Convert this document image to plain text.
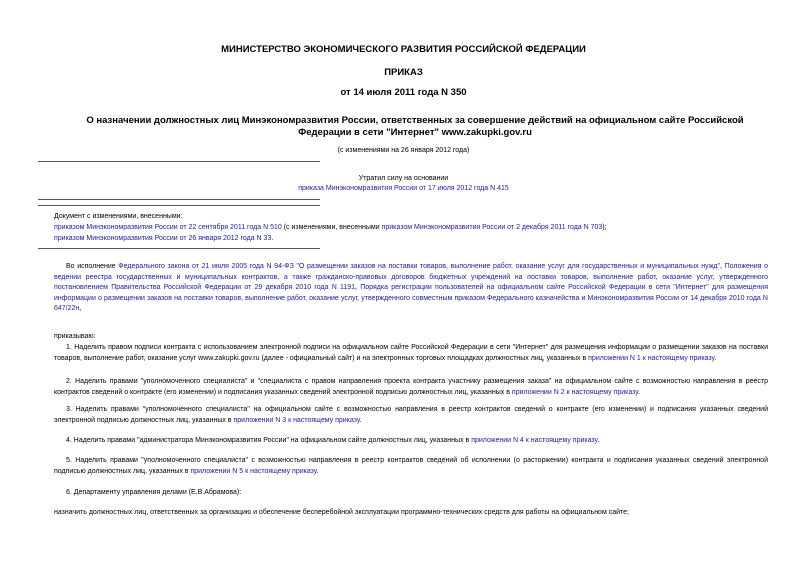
МИНИСТЕРСТВО ЭКОНОМИЧЕСКОГО РАЗВИТИЯ РОССИЙСКОЙ ФЕДЕРАЦИИ
ПРИКАЗ
от 14 июля 2011 года N 350
О назначении должностных лиц Минэкономразвития России, ответственных за совершение действий на официальном сайте Российской Федерации в сети "Интернет" www.zakupki.gov.ru
(с изменениями на 26 января 2012 года)
Утратил силу на основании
приказа Минэкономразвития России от 17 июля 2012 года N 415
Документ с изменениями, внесенными:
приказом Минэкономразвития России от 22 сентября 2011 года N 510 (с изменениями, внесенными приказом Минэкономразвития России от 2 декабря 2011 года N 703);
приказом Минэкономразвития России от 26 января 2012 года N 33.
Во исполнение Федерального закона от 21 июля 2005 года N 94-ФЗ "О размещении заказов на поставки товаров, выполнение работ, оказание услуг для государственных и муниципальных нужд", Положения о ведении реестра государственных и муниципальных контрактов, а также гражданско-правовых договоров бюджетных учреждений на поставки товаров, выполнение работ, оказание услуг, утвержденного постановлением Правительства Российской Федерации от 29 декабря 2010 года N 1191, Порядка регистрации пользователей на официальном сайте Российской Федерации в сети "Интернет" для размещения информации о размещении заказов на поставки товаров, выполнение работ, оказание услуг, утвержденного совместным приказом Федерального казначейства и Минэкономразвития России от 14 декабря 2010 года N 647/22н,
приказываю:
1. Наделить правом подписи контракта с использованием электронной подписи на официальном сайте Российской Федерации в сети "Интернет" для размещения информации о размещении заказов на поставки товаров, выполнение работ, оказание услуг www.zakupki.gov.ru (далее - официальный сайт) и на электронных торговых площадках должностных лиц, указанных в приложении N 1 к настоящему приказу.
2. Наделить правами "уполномоченного специалиста" и "специалиста с правом направления проекта контракта участнику размещения заказа" на официальном сайте с возможностью направления в реестр контрактов сведений о контракте (его изменении) и подписания указанных сведений электронной подписью должностных лиц, указанных в приложении N 2 к настоящему приказу.
3. Наделить правами "уполномоченного специалиста" на официальном сайте с возможностью направления в реестр контрактов сведений о контракте (его изменении) и подписания указанных сведений электронной подписью должностных лиц, указанных в приложении N 3 к настоящему приказу.
4. Наделить правами "администратора Минэкономразвития России" на официальном сайте должностных лиц, указанных в приложении N 4 к настоящему приказу.
5. Наделить правами "уполномоченного специалиста" с возможностью направления в реестр контрактов сведений об исполнении (о расторжении) контракта и подписания указанных сведений электронной подписью должностных лиц, указанных в приложении N 5 к настоящему приказу.
6. Департаменту управления делами (Е.В.Абрамова):
назначить должностных лиц, ответственных за организацию и обеспечение бесперебойной эксплуатации программно-технических средств для работы на официальном сайте;
